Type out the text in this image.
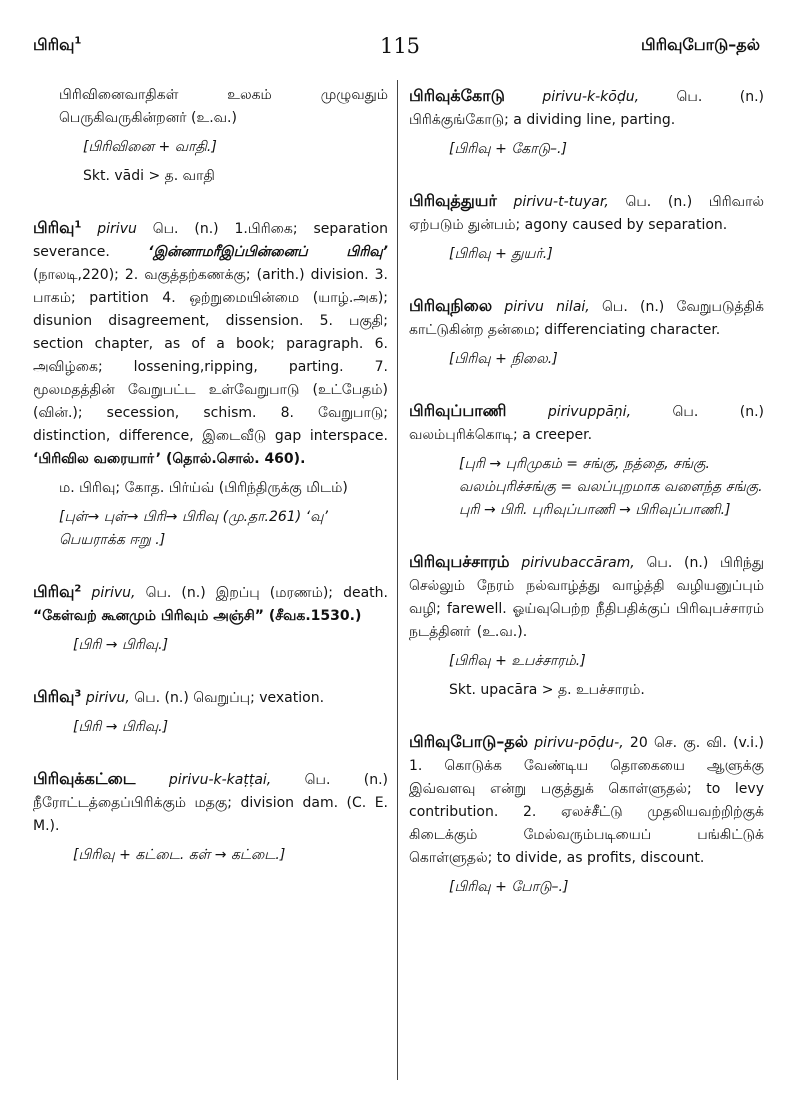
பிரிவு$^1$	115	பிரிவுபோடு–தல்
பிரிவினைவாதிகள் உலகம் முழுவதும் பெருகிவருகின்றனர் (உ.வ.)
[பிரிவினை + வாதி.]
Skt. vādi > த. வாதி
பிரிவு$^1$ pirivu பெ. (n.) 1.பிரிகை; separation severance.	‘இன்னாமரீஇப்பின்னைப் பிரிவு’ (நாலடி,220); 2. வகுத்தற்கணக்கு; (arith.) division. 3. பாகம்; partition 4. ஒற்றுமையின்மை (யாழ்.அக); disunion disagreement, dissension. 5. பகுதி; section chapter, as of a book; paragraph. 6. அவிழ்கை; lossening,ripping, parting. 7. மூலமதத்தின் வேறுபட்ட உள்வேறுபாடு (உட்பேதம்) (வின்.); secession, schism. 8. வேறுபாடு; distinction, difference, இடைவீடு gap interspace. ‘பிரிவில வரையாா்’ (தொல்.சொல். 460).
ம. பிரிவு; கோத. பிர்ய்வ் (பிரிந்திருக்கு மிடம்)
[புள்→ புள்→ பிரி→ பிரிவு (மு.தா.261) ‘வு’ பெயராக்க ஈறு .]
பிரிவு$^2$ pirivu, பெ. (n.) இறப்பு (மரணம்); death. “கேள்வற் கூனமும் பிரிவும் அஞ்சி” (சீவக.1530.)
[பிரி → பிரிவு.]
பிரிவு$^3$ pirivu, பெ. (n.) வெறுப்பு; vexation.
[பிரி → பிரிவு.]
பிரிவுக்கட்டை pirivu-k-kaṭṭai, பெ. (n.) நீரோட்டத்தைப்பிரிக்கும் மதகு; division dam. (C. E. M.).
[பிரிவு + கட்டை. கள் → கட்டை.]
பிரிவுக்கோடு	pirivu-k-kōḍu,	பெ. (n.) பிரிக்குங்கோடு; a dividing line, parting.
[பிரிவு + கோடு–.]
பிரிவுத்துயர் pirivu-t-tuyar, பெ. (n.) பிரிவால் ஏற்படும் துன்பம்; agony caused by separation.
[பிரிவு + துயர்.]
பிரிவுநிலை pirivu nilai, பெ. (n.) வேறுபடுத்திக் காட்டுகின்ற தன்மை; differenciating character.
[பிரிவு + நிலை.]
பிரிவுப்பாணி	pirivuppāṇi,	பெ. (n.) வலம்புரிக்கொடி; a creeper.
[புரி → புரிமுகம் = சங்கு, நத்தை, சங்கு. வலம்புரிச்சங்கு = வலப்புறமாக வளைந்த சங்கு. புரி → பிரி. புரிவுப்பாணி → பிரிவுப்பாணி.]
பிரிவுபச்சாரம் pirivubaccāram, பெ. (n.) பிரிந்து செல்லும் நேரம் நல்வாழ்த்து வாழ்த்தி வழியனுப்பும் வழி; farewell. ஓய்வுபெற்ற நீதிபதிக்குப் பிரிவுபச்சாரம் நடத்தினா் (உ.வ.).
[பிரிவு + உபச்சாரம்.]
Skt. upacāra > த. உபச்சாரம்.
பிரிவுபோடு–தல் pirivu-pōḍu-, 20 செ. கு. வி. (v.i.) 1. கொடுக்க வேண்டிய தொகையை ஆளுக்கு இவ்வளவு என்று பகுத்துக் கொள்ளுதல்; to levy contribution. 2. ஏலச்சீட்டு முதலியவற்றிற்குக் கிடைக்கும் மேல்வரும்படியைப் பங்கிட்டுக் கொள்ளுதல்; to divide, as profits, discount.
[பிரிவு + போடு–.]
